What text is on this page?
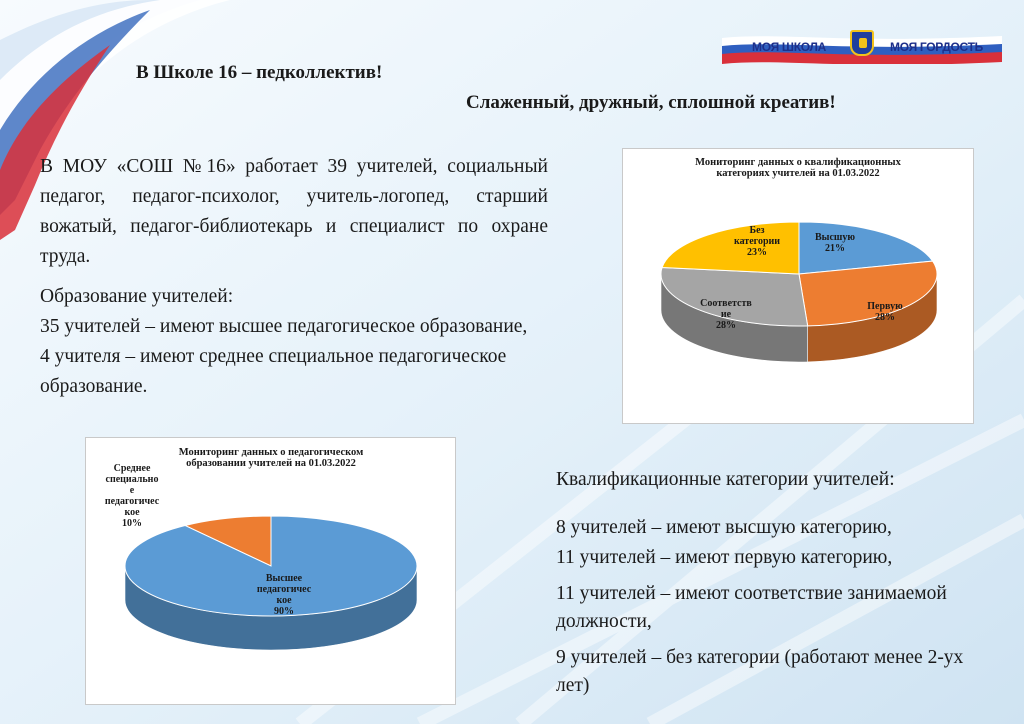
МОЯ ШКОЛА	МОЯ ГОРДОСТЬ
В Школе 16 – педколлектив!
Слаженный, дружный, сплошной креатив!
В МОУ «СОШ №16» работает 39 учителей, социальный педагог, педагог-психолог, учитель-логопед, старший вожатый, педагог-библиотекарь и специалист по охране труда.
Образование учителей:
35 учителей – имеют высшее педагогическое образование,
4 учителя – имеют среднее специальное педагогическое образование.
Мониторинг данных о квалификационных категориях учителей на 01.03.2022
Высшую 21%
Первую 28%
Соответств ие 28%
Без категории 23%
Мониторинг данных о педагогическом образовании учителей на 01.03.2022
Среднее специально е педагогичес кое 10%
Высшее педагогичес кое 90%
Квалификационные категории учителей:
8 учителей – имеют высшую категорию,
11 учителей – имеют первую категорию,
11 учителей – имеют соответствие занимаемой должности,
9 учителей – без категории (работают менее 2-ух лет)
